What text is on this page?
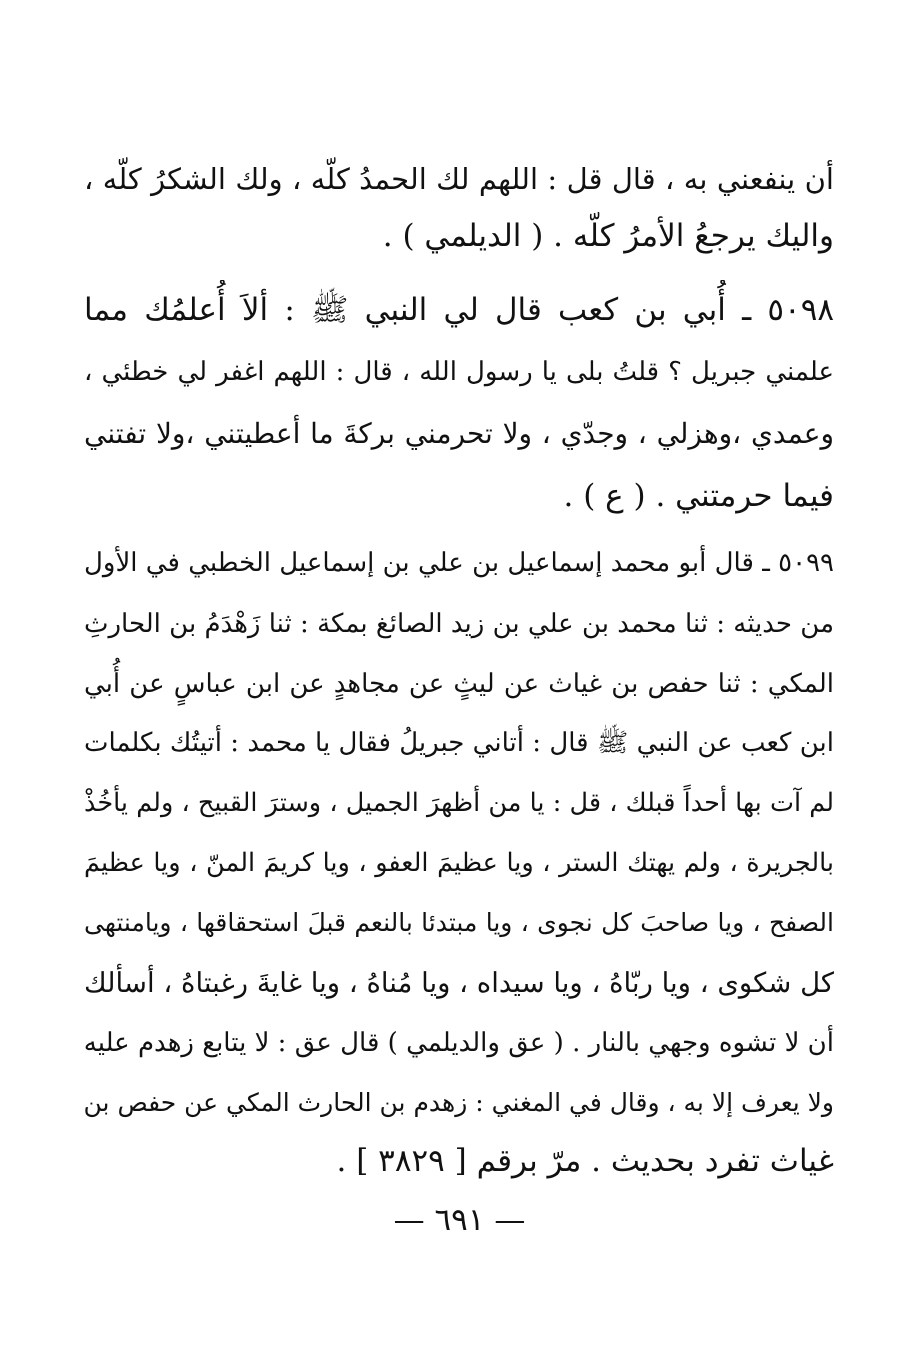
أن ينفعني به ، قال قل : اللهم لك الحمدُ كلّه ، ولك الشكرُ كلّه ،
واليك يرجعُ الأمرُ كلّه . ( الديلمي ) .
٥٠٩٨ ـ أُبي بن كعب قال لي النبي ﷺ : ألاَ أُعلمُك مما
علمني جبريل ؟ قلتُ بلى يا رسول الله ، قال : اللهم اغفر لي خطئي ،
وعمدي ،وهزلي ، وجدّي ، ولا تحرمني بركةَ ما أعطيتني ،ولا تفتني
فيما حرمتني . ( ع ) .
٥٠٩٩ ـ قال أبو محمد إسماعيل بن علي بن إسماعيل الخطبي في الأول
من حديثه : ثنا محمد بن علي بن زيد الصائغ بمكة : ثنا زَهْدَمُ بن الحارثِ
المكي : ثنا حفص بن غياث عن ليثٍ عن مجاهدٍ عن ابن عباسٍ عن أُبي
ابن كعب عن النبي ﷺ قال : أتاني جبريلُ فقال يا محمد : أتيتُك بكلمات
لم آت بها أحداً قبلك ، قل : يا من أظهرَ الجميل ، وسترَ القبيح ، ولم يأخُذْ
بالجريرة ، ولم يهتك الستر ، ويا عظيمَ العفو ، ويا كريمَ المنّ ، ويا عظيمَ
الصفح ، ويا صاحبَ كل نجوى ، ويا مبتدئا بالنعم قبلَ استحقاقها ، ويامنتهى
كل شكوى ، ويا ربّاهُ ، ويا سيداه ، ويا مُناهُ ، ويا غايةَ رغبتاهُ ، أسألك
أن لا تشوه وجهي بالنار . ( عق والديلمي ) قال عق : لا يتابع زهدم عليه
ولا يعرف إلا به ، وقال في المغني : زهدم بن الحارث المكي عن حفص بن
غياث تفرد بحديث . مرّ برقم [ ٣٨٢٩ ] .
— ٦٩١ —
